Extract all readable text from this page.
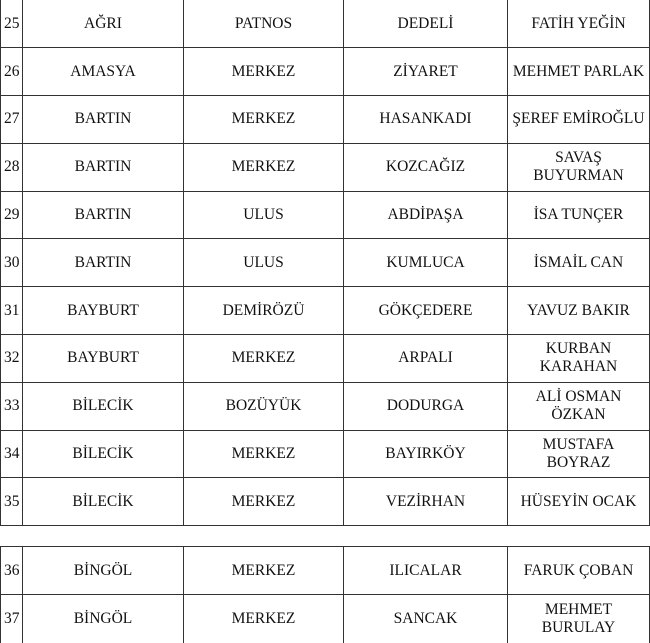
25	AĞRI	PATNOS	DEDELİ	FATİH YEĞİN
26	AMASYA	MERKEZ	ZİYARET	MEHMET PARLAK
27	BARTIN	MERKEZ	HASANKADI	ŞEREF EMİROĞLU
28	BARTIN	MERKEZ	KOZCAĞIZ	SAVAŞ BUYURMAN
29	BARTIN	ULUS	ABDİPAŞA	İSA TUNÇER
30	BARTIN	ULUS	KUMLUCA	İSMAİL CAN
31	BAYBURT	DEMİRÖZÜ	GÖKÇEDERE	YAVUZ BAKIR
32	BAYBURT	MERKEZ	ARPALI	KURBAN KARAHAN
33	BİLECİK	BOZÜYÜK	DODURGA	ALİ OSMAN ÖZKAN
34	BİLECİK	MERKEZ	BAYIRKÖY	MUSTAFA BOYRAZ
35	BİLECİK	MERKEZ	VEZİRHAN	HÜSEYİN OCAK
36	BİNGÖL	MERKEZ	ILICALAR	FARUK ÇOBAN
37	BİNGÖL	MERKEZ	SANCAK	MEHMET BURULAY
